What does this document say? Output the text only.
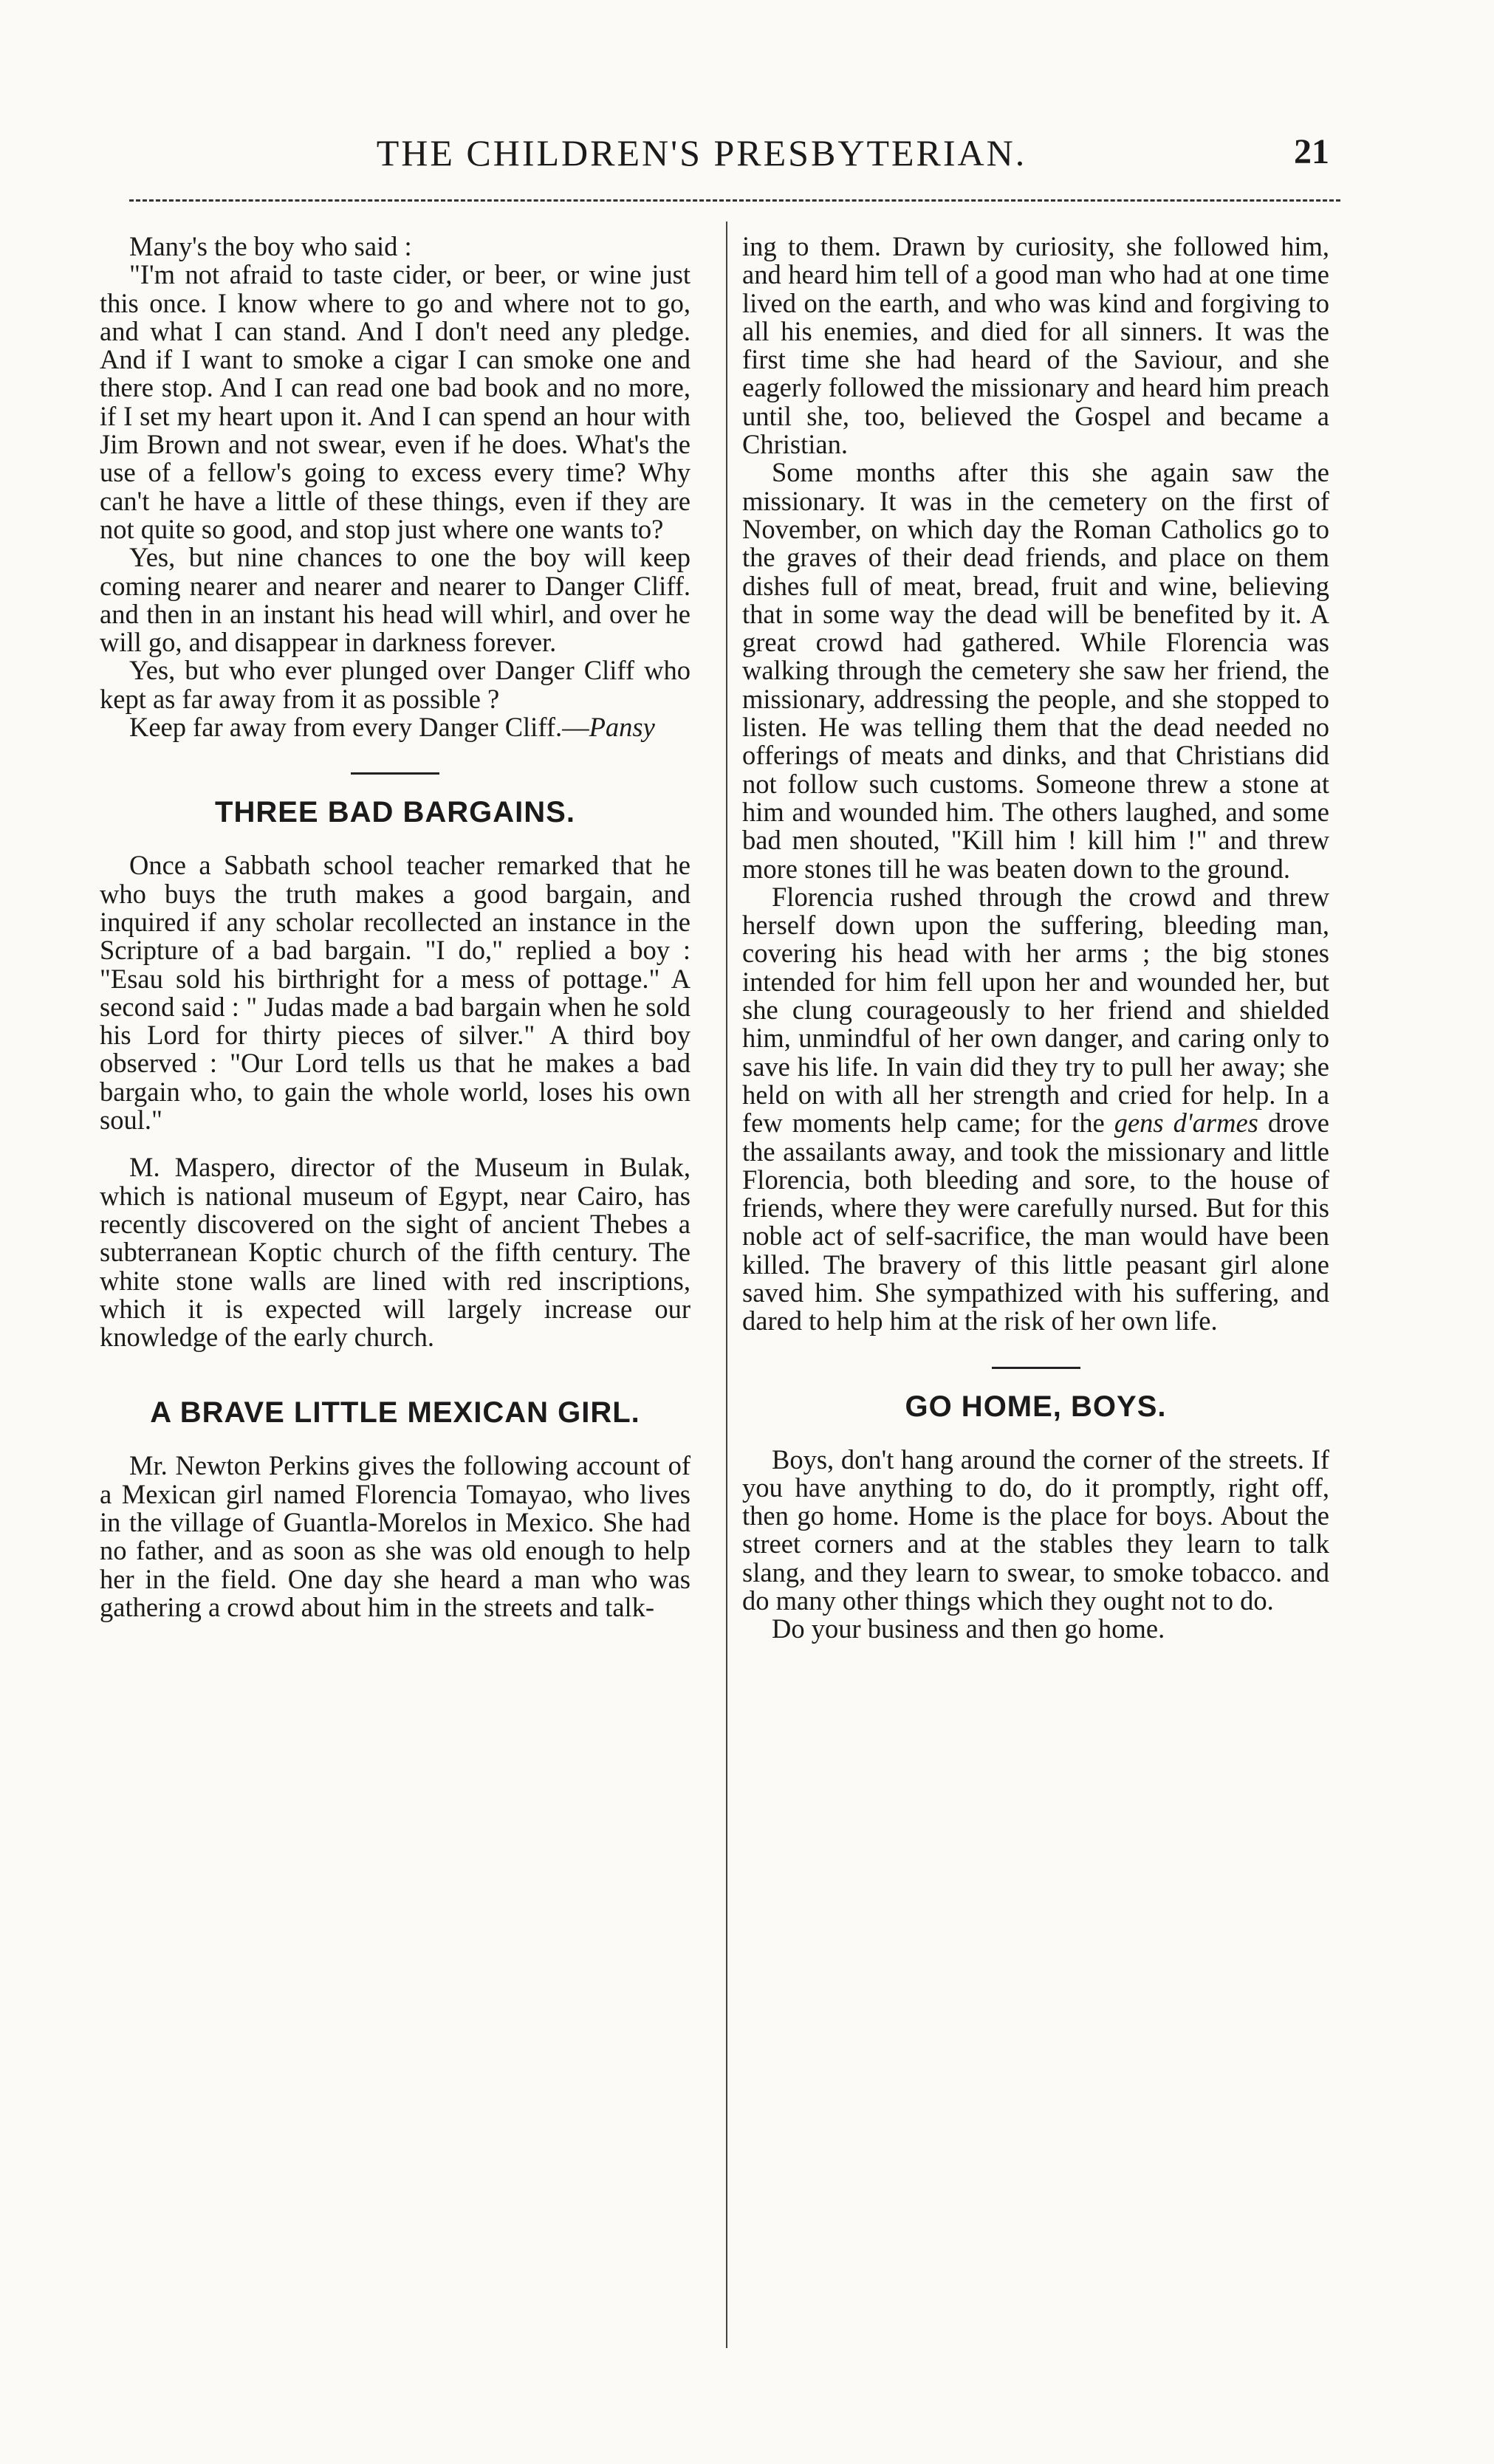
THE CHILDREN'S PRESBYTERIAN.	21

Many's the boy who said :

"I'm not afraid to taste cider, or beer, or wine just this once. I know where to go and where not to go, and what I can stand. And I don't need any pledge. And if I want to smoke a cigar I can smoke one and there stop. And I can read one bad book and no more, if I set my heart upon it. And I can spend an hour with Jim Brown and not swear, even if he does. What's the use of a fellow's going to excess every time? Why can't he have a little of these things, even if they are not quite so good, and stop just where one wants to?

Yes, but nine chances to one the boy will keep coming nearer and nearer and nearer to Danger Cliff. and then in an instant his head will whirl, and over he will go, and disappear in darkness forever.

Yes, but who ever plunged over Danger Cliff who kept as far away from it as possible ?

Keep far away from every Danger Cliff.—Pansy

THREE BAD BARGAINS.

Once a Sabbath school teacher remarked that he who buys the truth makes a good bargain, and inquired if any scholar recollected an instance in the Scripture of a bad bargain. "I do," replied a boy : "Esau sold his birthright for a mess of pottage." A second said : " Judas made a bad bargain when he sold his Lord for thirty pieces of silver." A third boy observed : "Our Lord tells us that he makes a bad bargain who, to gain the whole world, loses his own soul."

M. Maspero, director of the Museum in Bulak, which is national museum of Egypt, near Cairo, has recently discovered on the sight of ancient Thebes a subterranean Koptic church of the fifth century. The white stone walls are lined with red inscriptions, which it is expected will largely increase our knowledge of the early church.

A BRAVE LITTLE MEXICAN GIRL.

Mr. Newton Perkins gives the following account of a Mexican girl named Florencia Tomayao, who lives in the village of Guantla-Morelos in Mexico. She had no father, and as soon as she was old enough to help her in the field. One day she heard a man who was gathering a crowd about him in the streets and talk-

ing to them. Drawn by curiosity, she followed him, and heard him tell of a good man who had at one time lived on the earth, and who was kind and forgiving to all his enemies, and died for all sinners. It was the first time she had heard of the Saviour, and she eagerly followed the missionary and heard him preach until she, too, believed the Gospel and became a Christian.

Some months after this she again saw the missionary. It was in the cemetery on the first of November, on which day the Roman Catholics go to the graves of their dead friends, and place on them dishes full of meat, bread, fruit and wine, believing that in some way the dead will be benefited by it. A great crowd had gathered. While Florencia was walking through the cemetery she saw her friend, the missionary, addressing the people, and she stopped to listen. He was telling them that the dead needed no offerings of meats and dinks, and that Christians did not follow such customs. Someone threw a stone at him and wounded him. The others laughed, and some bad men shouted, "Kill him ! kill him !" and threw more stones till he was beaten down to the ground.

Florencia rushed through the crowd and threw herself down upon the suffering, bleeding man, covering his head with her arms ; the big stones intended for him fell upon her and wounded her, but she clung courageously to her friend and shielded him, unmindful of her own danger, and caring only to save his life. In vain did they try to pull her away; she held on with all her strength and cried for help. In a few moments help came; for the gens d'armes drove the assailants away, and took the missionary and little Florencia, both bleeding and sore, to the house of friends, where they were carefully nursed. But for this noble act of self-sacrifice, the man would have been killed. The bravery of this little peasant girl alone saved him. She sympathized with his suffering, and dared to help him at the risk of her own life.

GO HOME, BOYS.

Boys, don't hang around the corner of the streets. If you have anything to do, do it promptly, right off, then go home. Home is the place for boys. About the street corners and at the stables they learn to talk slang, and they learn to swear, to smoke tobacco. and do many other things which they ought not to do.

Do your business and then go home.
